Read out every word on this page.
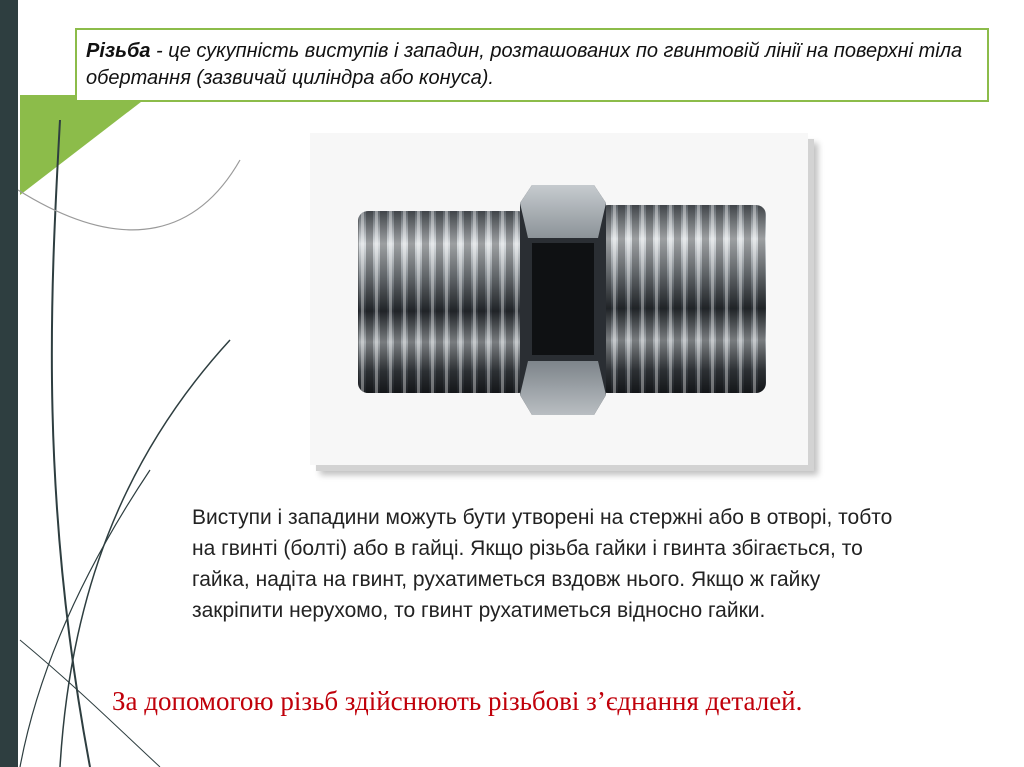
Різьба - це сукупність виступів і западин, розташованих по гвинтовій лінії на поверхні тіла обертання (зазвичай циліндра або конуса).

Виступи і западини можуть бути утворені на стержні або в отворі, тобто на гвинті (болті) або в гайці. Якщо різьба гайки і гвинта збігається, то гайка, надіта на гвинт, рухатиметься вздовж нього. Якщо ж гайку закріпити нерухомо, то гвинт рухатиметься відносно гайки.

За допомогою різьб здійснюють різьбові з’єднання деталей.
